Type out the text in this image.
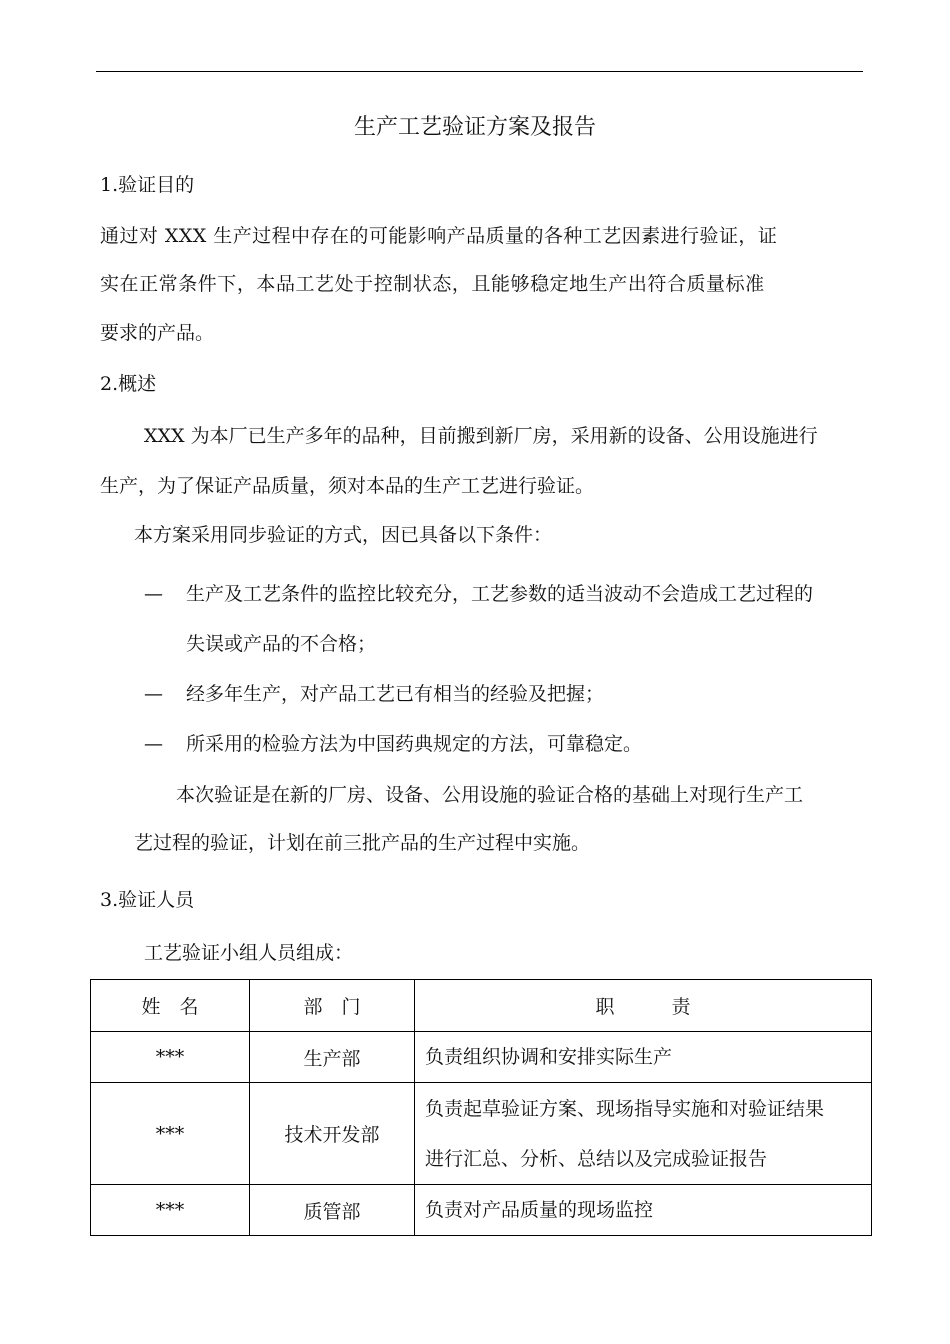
生产工艺验证方案及报告
1.验证目的
通过对 XXX 生产过程中存在的可能影响产品质量的各种工艺因素进行验证，证
实在正常条件下，本品工艺处于控制状态，且能够稳定地生产出符合质量标准
要求的产品。
2.概述
XXX 为本厂已生产多年的品种，目前搬到新厂房，采用新的设备、公用设施进行
生产，为了保证产品质量，须对本品的生产工艺进行验证。
本方案采用同步验证的方式，因已具备以下条件：
— 生产及工艺条件的监控比较充分，工艺参数的适当波动不会造成工艺过程的
失误或产品的不合格；
— 经多年生产，对产品工艺已有相当的经验及把握；
— 所采用的检验方法为中国药典规定的方法，可靠稳定。
本次验证是在新的厂房、设备、公用设施的验证合格的基础上对现行生产工
艺过程的验证，计划在前三批产品的生产过程中实施。
3.验证人员
工艺验证小组人员组成：
姓　名	部　门	职　　　责
***	生产部	负责组织协调和安排实际生产

***	技术开发部	负责起草验证方案、现场指导实施和对验证结果
进行汇总、分析、总结以及完成验证报告

***	质管部	负责对产品质量的现场监控
